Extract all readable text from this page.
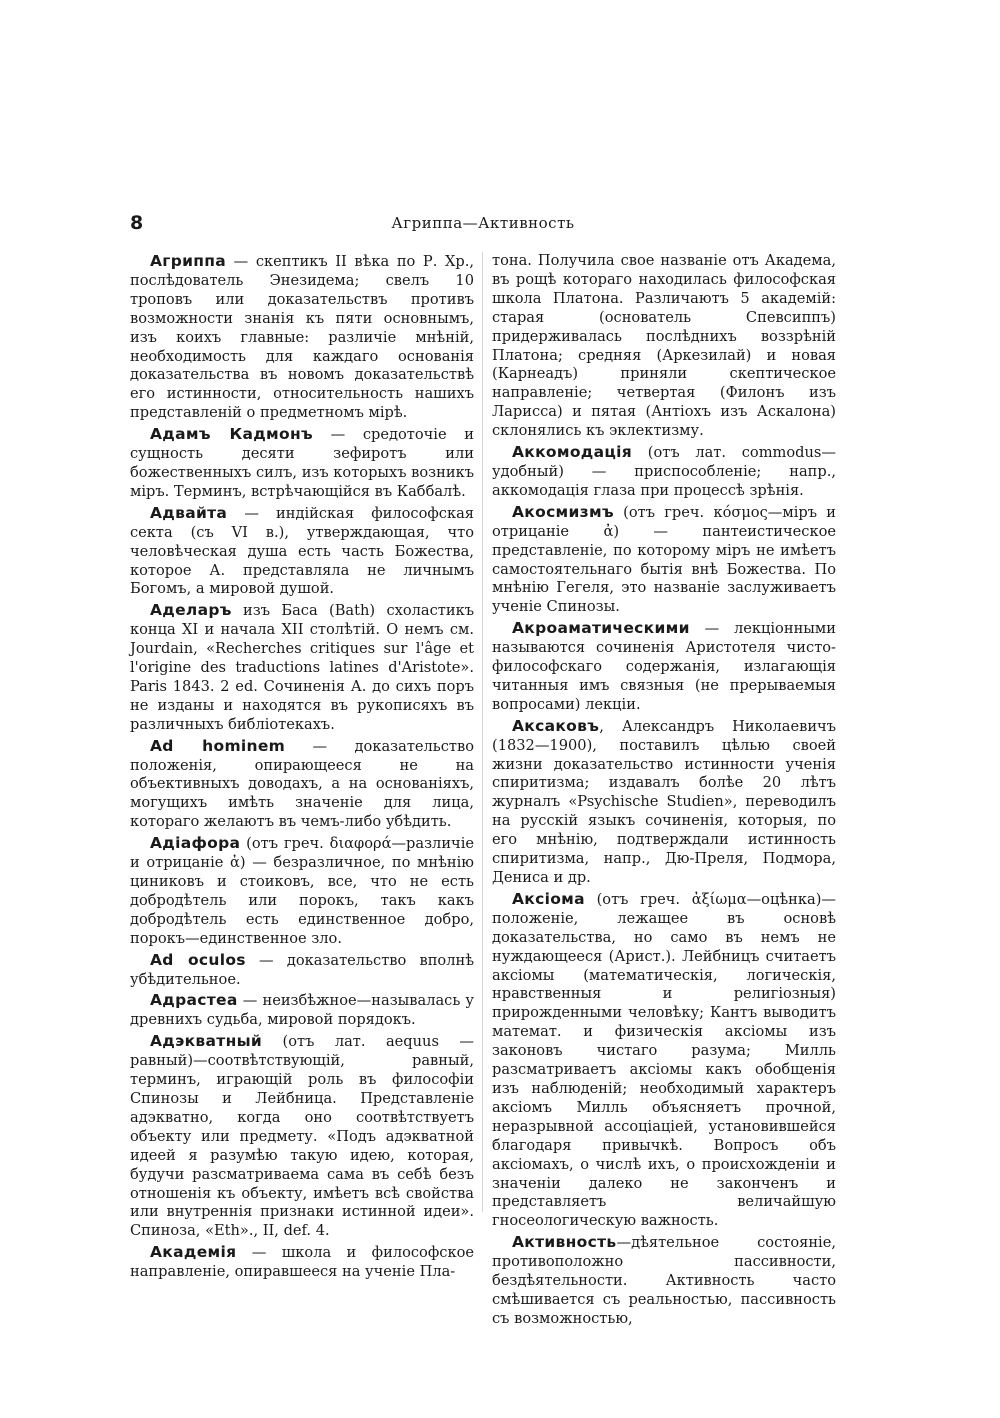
8	Агриппа—Активность

Агриппа — скептикъ II вѣка по Р. Хр., послѣдователь Энезидема; свелъ 10 троповъ или доказательствъ противъ возможности знанія къ пяти основнымъ, изъ коихъ главные: различіе мнѣній, необходимость для каждаго основанія доказательства въ новомъ доказательствѣ его истинности, относительность нашихъ представленій о предметномъ мірѣ.

Адамъ Кадмонъ — средоточіе и сущность десяти зефиротъ или божественныхъ силъ, изъ которыхъ возникъ міръ. Терминъ, встрѣчающійся въ Каббалѣ.

Адвайта — индійская философская секта (съ VI в.), утверждающая, что человѣческая душа есть часть Божества, которое А. представляла не личнымъ Богомъ, а мировой душой.

Аделаръ изъ Баса (Bath) схоластикъ конца XI и начала XII столѣтій. О немъ см. Jourdain, «Recherches critiques sur l'âge et l'origine des traductions latines d'Aristote». Paris 1843. 2 ed. Сочиненія А. до сихъ поръ не изданы и находятся въ рукописяхъ въ различныхъ библіотекахъ.

Ad hominem — доказательство положенія, опирающееся не на объективныхъ доводахъ, а на основаніяхъ, могущихъ имѣть значеніе для лица, котораго желаютъ въ чемъ-либо убѣдить.

Адіафора (отъ греч. διαφορά—различіе и отрицаніе ἀ) — безразличное, по мнѣнію циниковъ и стоиковъ, все, что не есть добродѣтель или порокъ, такъ какъ добродѣтель есть единственное добро, порокъ—единственное зло.

Ad oculos — доказательство вполнѣ убѣдительное.

Адрастеа — неизбѣжное—называлась у древнихъ судьба, мировой порядокъ.

Адэкватный (отъ лат. aequus — равный)—соотвѣтствующій, равный, терминъ, играющій роль въ философіи Спинозы и Лейбница. Представленіе адэкватно, когда оно соотвѣтствуетъ объекту или предмету. «Подъ адэкватной идеей я разумѣю такую идею, которая, будучи разсматриваема сама въ себѣ безъ отношенія къ объекту, имѣетъ всѣ свойства или внутреннія признаки истинной идеи». Спиноза, «Eth»., II, def. 4.

Академія — школа и философское направленіе, опиравшееся на ученіе Пла-

тона. Получила свое названіе отъ Академа, въ рощѣ котораго находилась философская школа Платона. Различаютъ 5 академій: старая (основатель Спевсиппъ) придерживалась послѣднихъ воззрѣній Платона; средняя (Аркезилай) и новая (Карнеадъ) приняли скептическое направленіе; четвертая (Филонъ изъ Ларисса) и пятая (Антіохъ изъ Аскалона) склонялись къ эклектизму.

Аккомодація (отъ лат. commodus—удобный) — приспособленіе; напр., аккомодація глаза при процессѣ зрѣнія.

Акосмизмъ (отъ греч. κόσμος—міръ и отрицаніе ἀ) — пантеистическое представленіе, по которому міръ не имѣетъ самостоятельнаго бытія внѣ Божества. По мнѣнію Гегеля, это названіе заслуживаетъ ученіе Спинозы.

Акроаматическими — лекціонными называются сочиненія Аристотеля чисто-философскаго содержанія, излагающія читанныя имъ связныя (не прерываемыя вопросами) лекціи.

Аксаковъ, Александръ Николаевичъ (1832—1900), поставилъ цѣлью своей жизни доказательство истинности ученія спиритизма; издавалъ болѣе 20 лѣтъ журналъ «Psychische Studien», переводилъ на русскій языкъ сочиненія, которыя, по его мнѣнію, подтверждали истинность спиритизма, напр., Дю-Преля, Подмора, Дениса и др.

Аксіома (отъ греч. ἀξίωμα—оцѣнка)— положеніе, лежащее въ основѣ доказательства, но само въ немъ не нуждающееся (Арист.). Лейбницъ считаетъ аксіомы (математическія, логическія, нравственныя и религіозныя) прирожденными человѣку; Кантъ выводитъ математ. и физическія аксіомы изъ законовъ чистаго разума; Милль разсматриваетъ аксіомы какъ обобщенія изъ наблюденій; необходимый характеръ аксіомъ Милль объясняетъ прочной, неразрывной ассоціаціей, установившейся благодаря привычкѣ. Вопросъ объ аксіомахъ, о числѣ ихъ, о происхожденіи и значеніи далеко не законченъ и представляетъ величайшую гносеологическую важность.

Активность—дѣятельное состояніе, противоположно пассивности, бездѣятельности. Активность часто смѣшивается съ реальностью, пассивность съ возможностью,
